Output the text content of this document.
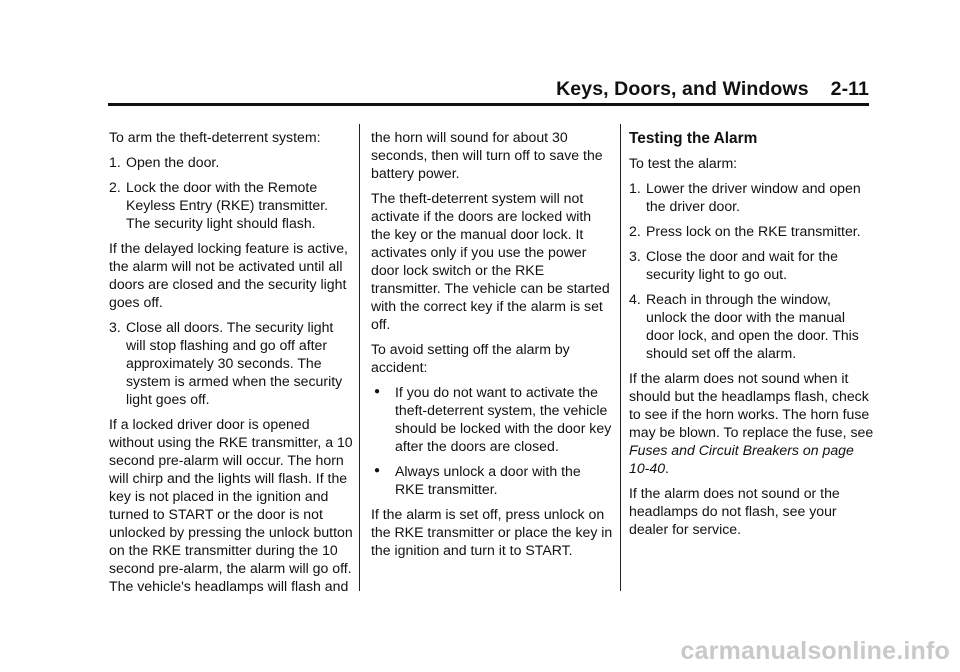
Keys, Doors, and Windows 2-11

To arm the theft-deterrent system:

1. Open the door.
2. Lock the door with the Remote Keyless Entry (RKE) transmitter. The security light should flash.

If the delayed locking feature is active, the alarm will not be activated until all doors are closed and the security light goes off.

3. Close all doors. The security light will stop flashing and go off after approximately 30 seconds. The system is armed when the security light goes off.

If a locked driver door is opened without using the RKE transmitter, a 10 second pre-alarm will occur. The horn will chirp and the lights will flash. If the key is not placed in the ignition and turned to START or the door is not unlocked by pressing the unlock button on the RKE transmitter during the 10 second pre-alarm, the alarm will go off. The vehicle's headlamps will flash and

the horn will sound for about 30 seconds, then will turn off to save the battery power.

The theft-deterrent system will not activate if the doors are locked with the key or the manual door lock. It activates only if you use the power door lock switch or the RKE transmitter. The vehicle can be started with the correct key if the alarm is set off.

To avoid setting off the alarm by accident:

●	If you do not want to activate the theft-deterrent system, the vehicle should be locked with the door key after the doors are closed.
●	Always unlock a door with the RKE transmitter.

If the alarm is set off, press unlock on the RKE transmitter or place the key in the ignition and turn it to START.

Testing the Alarm

To test the alarm:

1. Lower the driver window and open the driver door.
2. Press lock on the RKE transmitter.
3. Close the door and wait for the security light to go out.
4. Reach in through the window, unlock the door with the manual door lock, and open the door. This should set off the alarm.

If the alarm does not sound when it should but the headlamps flash, check to see if the horn works. The horn fuse may be blown. To replace the fuse, see Fuses and Circuit Breakers on page 10-40.

If the alarm does not sound or the headlamps do not flash, see your dealer for service.

carmanualsonline.info
